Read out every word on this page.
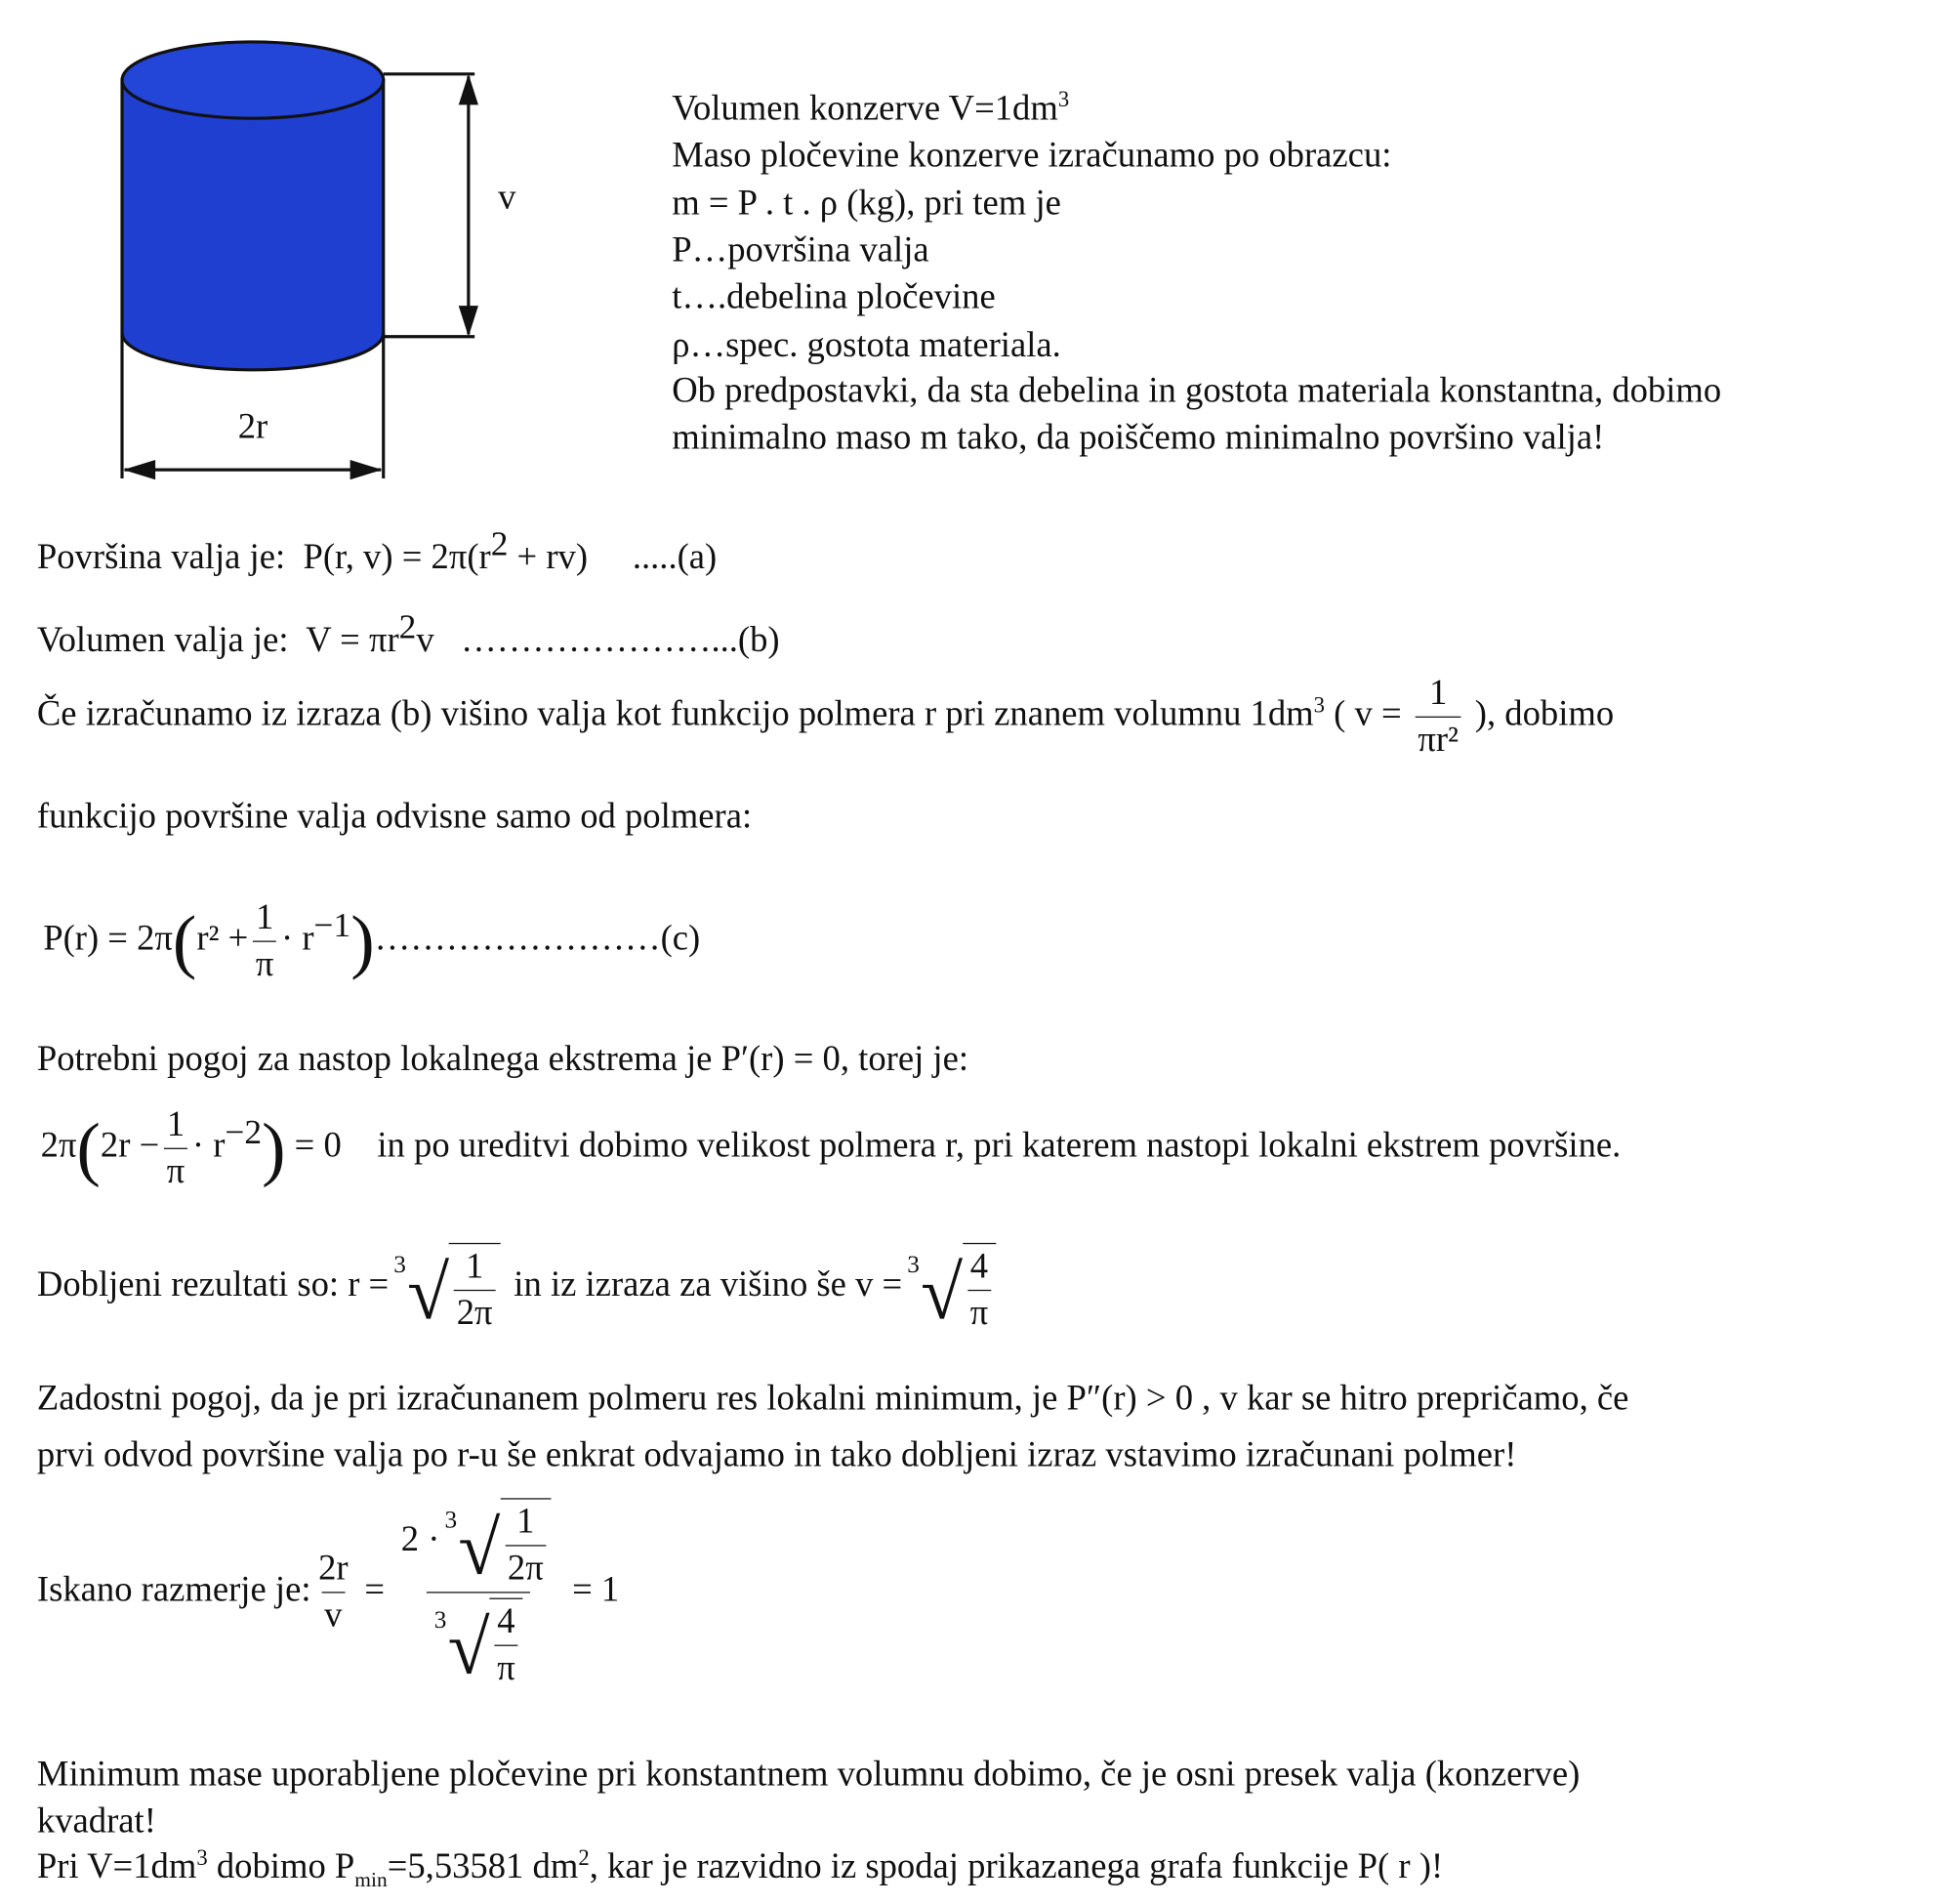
v
2r
Volumen konzerve $V=1dm^3$
Maso pločevine konzerve izračunamo po obrazcu:
m = P . t . ρ (kg), pri tem je
P…površina valja
t….debelina pločevine
ρ…spec. gostota materiala.
Ob predpostavki, da sta debelina in gostota materiala konstantna, dobimo
minimalno maso m tako, da poiščemo minimalno površino valja!
Površina valja je: P(r, $v) = 2\pi(r^2 + rv)$ .....(a)
Volumen valja je: $V = \pi r^2v$ …………………...(b)
Če izračunamo iz izraza (b) višino valja kot funkcijo polmera r pri znanem volumnu $1dm^3$ ( $v = \frac{1}{\text{πr²}}$ ), dobimo
funkcijo površine valja odvisne samo od polmera:
$P(r) = 2\pi(r^2 + \frac{1}{\pi}$ · $r^{-1})\dots\dots\dots\dots\dots\dots\dots\dots(c)$
Potrebni pogoj za nastop lokalnega ekstrema je P′(r) = 0, torej je:
$2\pi(2r - \frac{1}{\pi} \cdot r^{-2}) = 0$ in po ureditvi dobimo velikost polmera r, pri katerem nastopi lokalni ekstrem površine.
Dobljeni rezultati so: r = 3 √ $\frac{1}{2\pi}$ in iz izraza za višino še v = 3 √ $\frac{4}{\pi}$
Zadostni pogoj, da je pri izračunanem polmeru res lokalni minimum, je P″(r) > 0 , v kar se hitro prepričamo, če
prvi odvod površine valja po r-u še enkrat odvajamo in tako dobljeni izraz vstavimo izračunani polmer!
Iskano razmerje je: $\frac{2r}{v} = \frac{2 \cdot 3 √ \frac{1}{2\pi}}{3 √ \frac{4}{\pi}} = 1$
Minimum mase uporabljene pločevine pri konstantnem volumnu dobimo, če je osni presek valja (konzerve)
kvadrat!
Pri $V=1dm^3$ dobimo $P_{min}=5,53581$ $dm^2$, kar je razvidno iz spodaj prikazanega grafa funkcije P( r )!
